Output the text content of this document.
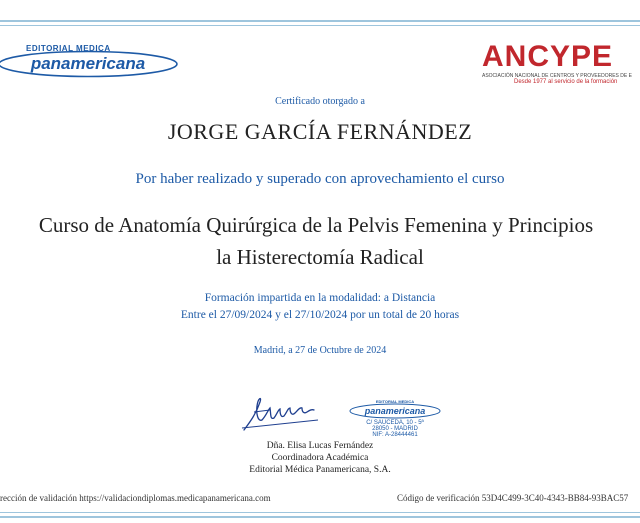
EDITORIAL MEDICA
panamericana	ANCYPE
ASOCIACIÓN NACIONAL DE CENTROS Y PROVEEDORES DE E
Desde 1977 al servicio de la formación
Certificado otorgado a
JORGE GARCÍA FERNÁNDEZ
Por haber realizado y superado con aprovechamiento el curso
Curso de Anatomía Quirúrgica de la Pelvis Femenina y Principios
la Histerectomía Radical
Formación impartida en la modalidad: a Distancia
Entre el 27/09/2024 y el 27/10/2024 por un total de 20 horas
Madrid, a 27 de Octubre de 2024
EDITORIAL MEDICA
panamericana
C/ SAUCEDA, 10 - 5ª
28050 - MADRID
NIF: A-28444461
Dña. Elisa Lucas Fernández
Coordinadora Académica
Editorial Médica Panamericana, S.A.
rección de validación https://validaciondiplomas.medicapanamericana.com	Código de verificación 53D4C499-3C40-4343-BB84-93BAC57
